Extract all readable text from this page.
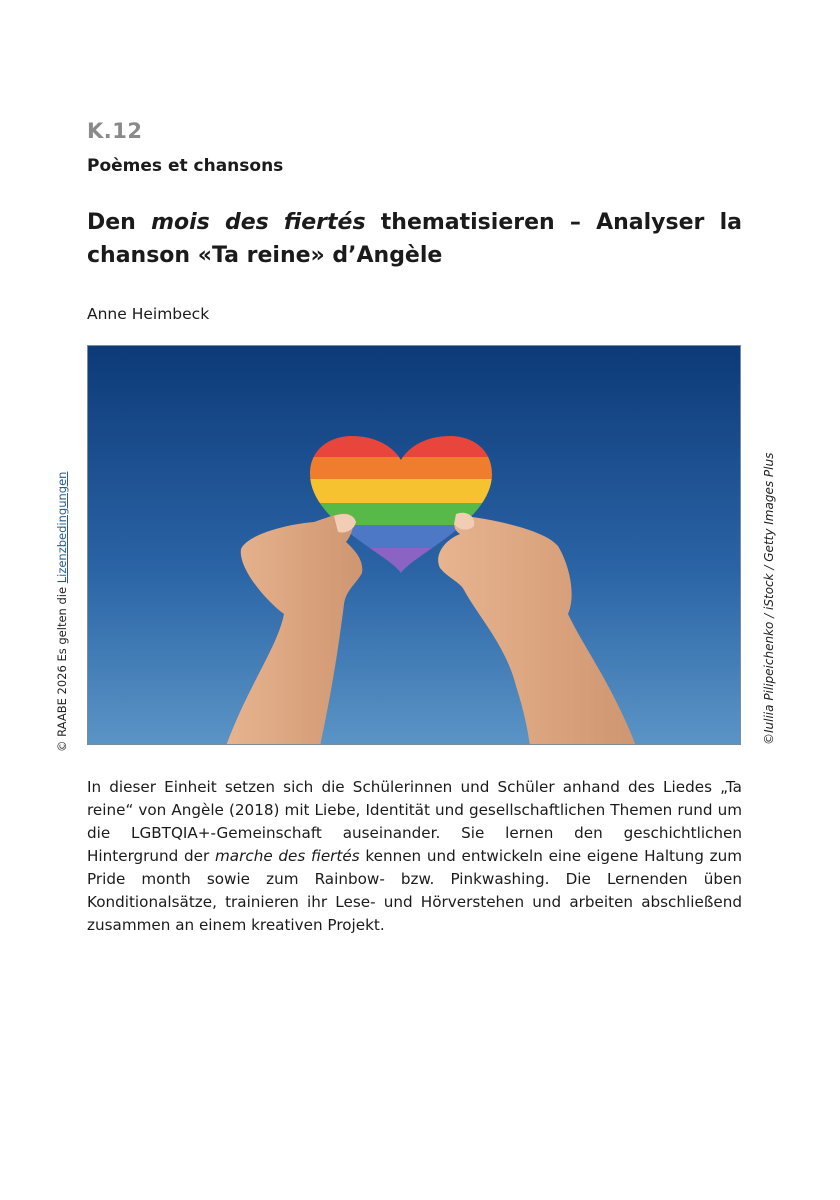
K.12
Poèmes et chansons
Den mois des fiertés thematisieren – Analyser la chanson «Ta reine» d’Angèle
Anne Heimbeck
©Iuliia Pilipeichenko / iStock / Getty Images Plus
© RAABE 2026 Es gelten die Lizenzbedingungen

In dieser Einheit setzen sich die Schülerinnen und Schüler anhand des Liedes „Ta reine“ von Angèle (2018) mit Liebe, Identität und gesellschaftlichen Themen rund um die LGBTQIA+-Gemeinschaft auseinander. Sie lernen den geschichtlichen Hintergrund der marche des fiertés kennen und entwickeln eine eigene Haltung zum Pride month sowie zum Rainbow- bzw. Pinkwashing. Die Lernenden üben Konditionalsätze, trainieren ihr Lese- und Hörverstehen und arbeiten abschließend zusammen an einem kreativen Projekt.
